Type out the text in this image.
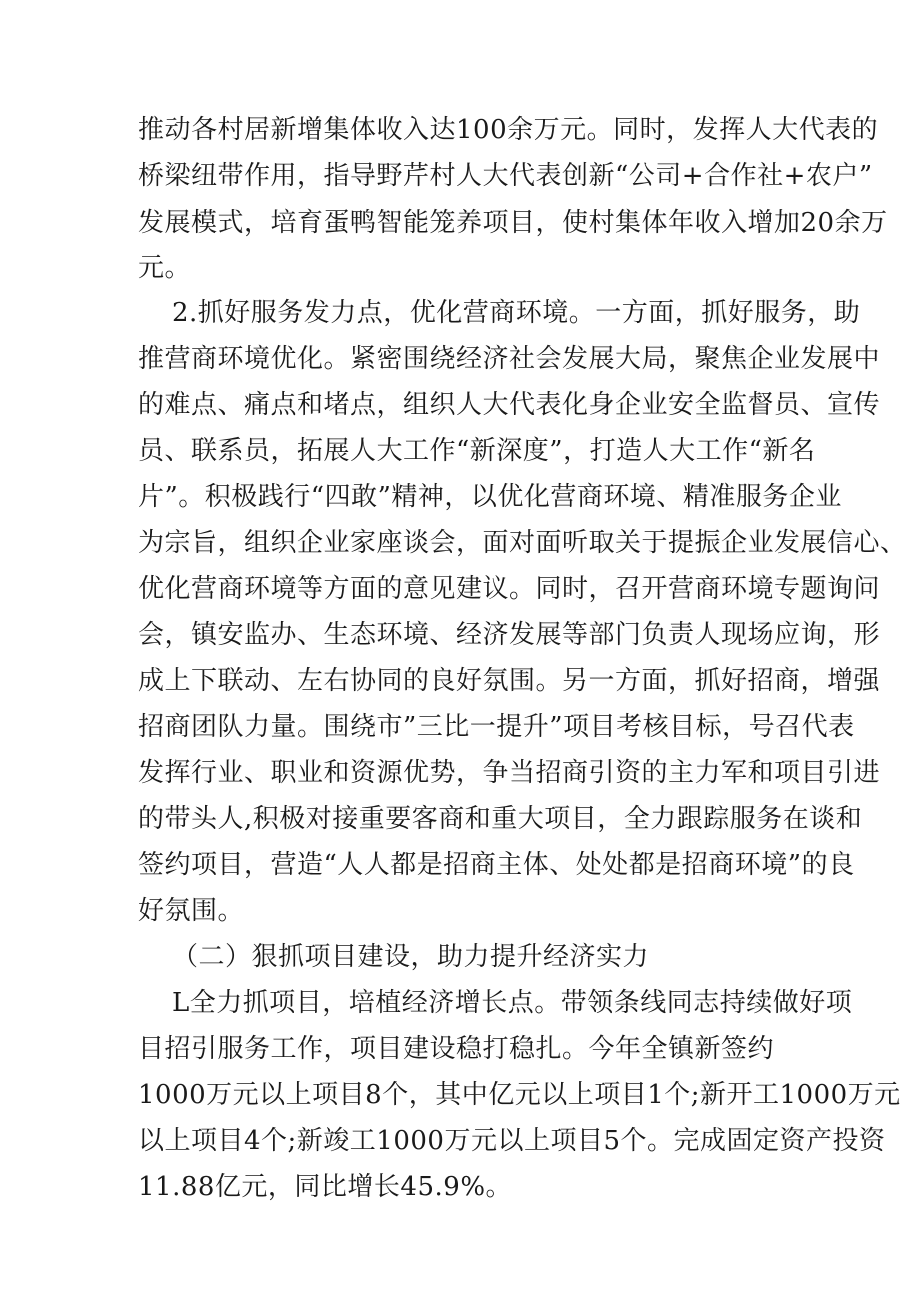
推动各村居新增集体收入达100余万元。同时，发挥人大代表的
桥梁纽带作用，指导野芹村人大代表创新“公司+合作社+农户”
发展模式，培育蛋鸭智能笼养项目，使村集体年收入增加20余万
元。
2.抓好服务发力点，优化营商环境。一方面，抓好服务，助
推营商环境优化。紧密围绕经济社会发展大局，聚焦企业发展中
的难点、痛点和堵点，组织人大代表化身企业安全监督员、宣传
员、联系员，拓展人大工作“新深度”，打造人大工作“新名
片”。积极践行“四敢”精神，以优化营商环境、精准服务企业
为宗旨，组织企业家座谈会，面对面听取关于提振企业发展信心、
优化营商环境等方面的意见建议。同时，召开营商环境专题询问
会，镇安监办、生态环境、经济发展等部门负责人现场应询，形
成上下联动、左右协同的良好氛围。另一方面，抓好招商，增强
招商团队力量。围绕市”三比一提升”项目考核目标，号召代表
发挥行业、职业和资源优势，争当招商引资的主力军和项目引进
的带头人,积极对接重要客商和重大项目，全力跟踪服务在谈和
签约项目，营造“人人都是招商主体、处处都是招商环境”的良
好氛围。
（二）狠抓项目建设，助力提升经济实力
L全力抓项目，培植经济增长点。带领条线同志持续做好项
目招引服务工作，项目建设稳打稳扎。今年全镇新签约
1000万元以上项目8个，其中亿元以上项目1个;新开工1000万元
以上项目4个;新竣工1000万元以上项目5个。完成固定资产投资
11.88亿元，同比增长45.9%。
